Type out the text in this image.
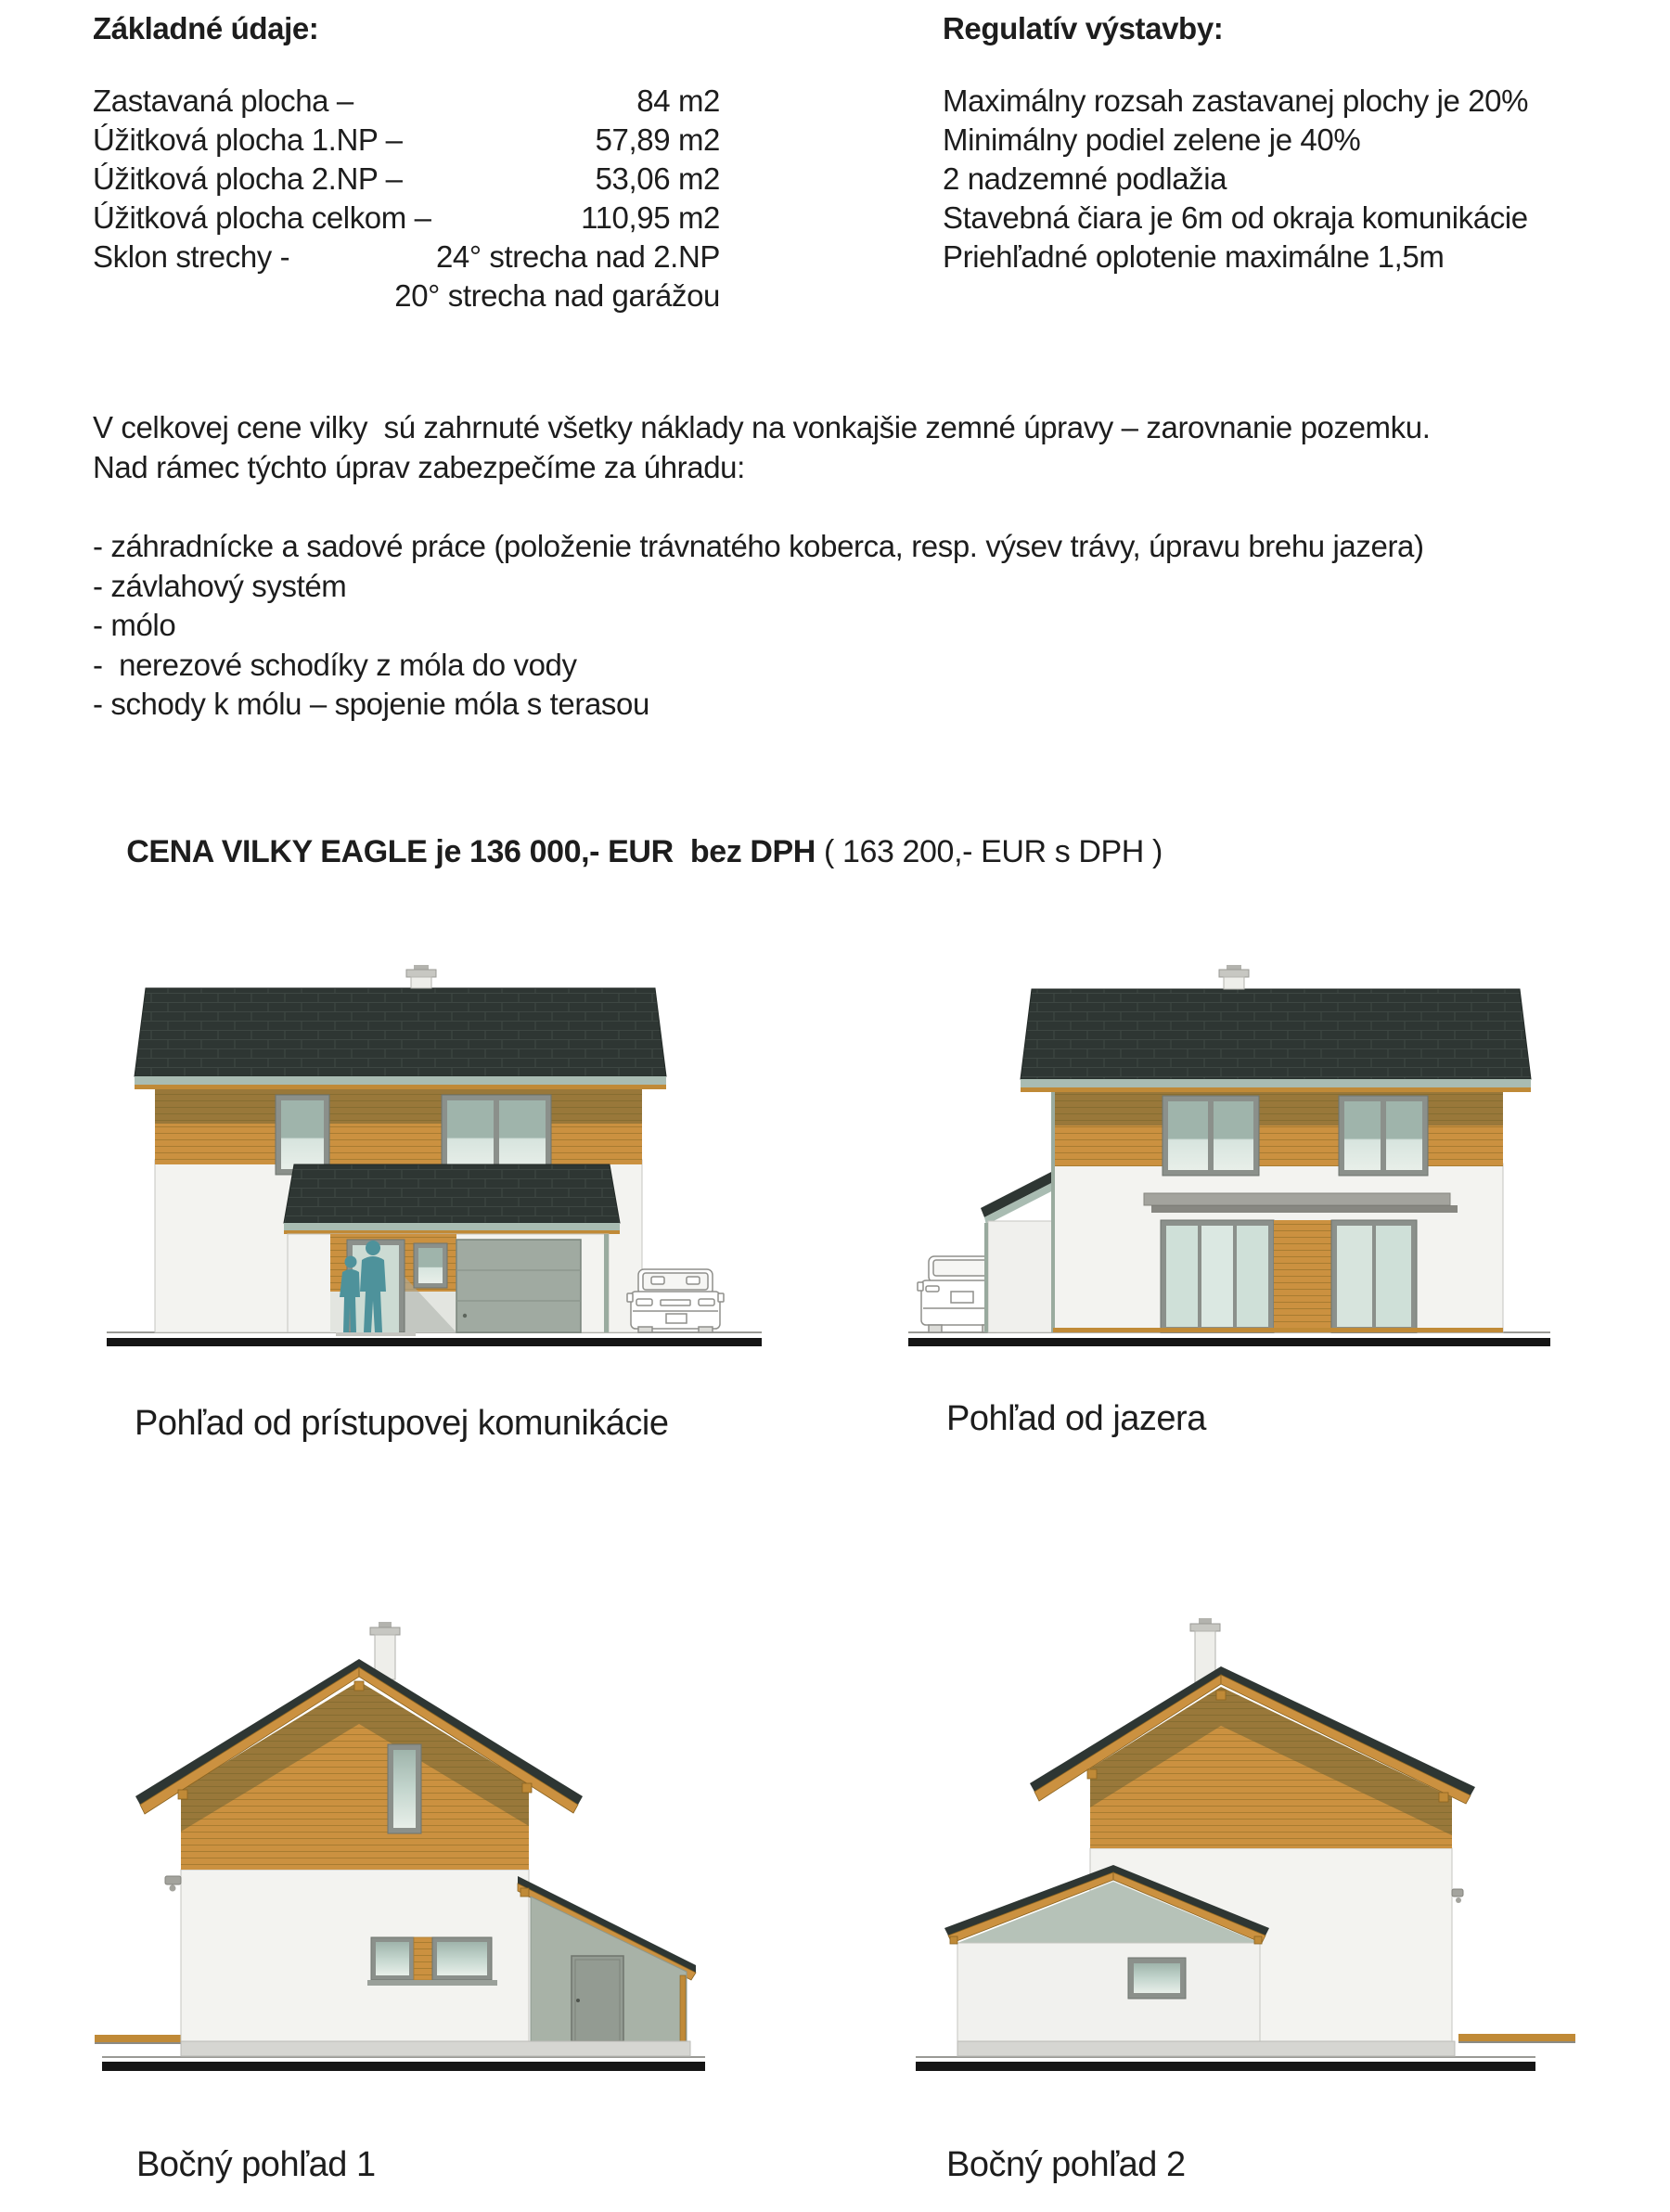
Základné údaje:
Zastavaná plocha –	84 m2
Úžitková plocha 1.NP –	57,89 m2
Úžitková plocha 2.NP –	53,06 m2
Úžitková plocha celkom –	110,95 m2
Sklon strechy -	24° strecha nad 2.NP
20° strecha nad garážou
Regulatív výstavby:
Maximálny rozsah zastavanej plochy je 20%
Minimálny podiel zelene je 40%
2 nadzemné podlažia
Stavebná čiara je 6m od okraja komunikácie
Priehľadné oplotenie maximálne 1,5m
V celkovej cene vilky  sú zahrnuté všetky náklady na vonkajšie zemné úpravy – zarovnanie pozemku.
Nad rámec týchto úprav zabezpečíme za úhradu:
- záhradnícke a sadové práce (položenie trávnatého koberca, resp. výsev trávy, úpravu brehu jazera)
- závlahový systém
- mólo
-  nerezové schodíky z móla do vody
- schody k mólu – spojenie móla s terasou

CENA VILKY EAGLE je 136 000,- EUR  bez DPH ( 163 200,- EUR s DPH )

Pohľad od prístupovej komunikácie	Pohľad od jazera
Bočný pohľad 1	Bočný pohľad 2
